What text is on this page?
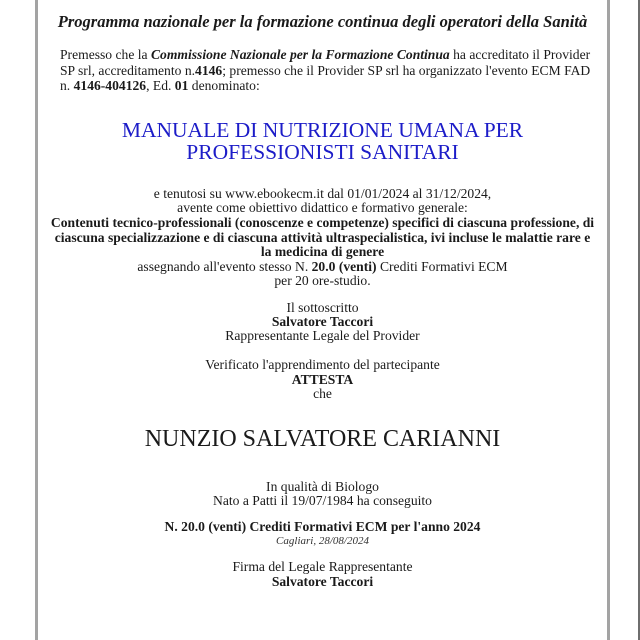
Programma nazionale per la formazione continua degli operatori della Sanità
Premesso che la Commissione Nazionale per la Formazione Continua ha accreditato il Provider
SP srl, accreditamento n.4146; premesso che il Provider SP srl ha organizzato l'evento ECM FAD
n. 4146-404126, Ed. 01 denominato:
MANUALE DI NUTRIZIONE UMANA PER
PROFESSIONISTI SANITARI
e tenutosi su www.ebookecm.it dal 01/01/2024 al 31/12/2024,
avente come obiettivo didattico e formativo generale:
Contenuti tecnico-professionali (conoscenze e competenze) specifici di ciascuna professione, di
ciascuna specializzazione e di ciascuna attività ultraspecialistica, ivi incluse le malattie rare e
la medicina di genere
assegnando all'evento stesso N. 20.0 (venti) Crediti Formativi ECM
per 20 ore-studio.
Il sottoscritto
Salvatore Taccori
Rappresentante Legale del Provider
Verificato l'apprendimento del partecipante
ATTESTA
che
NUNZIO SALVATORE CARIANNI
In qualità di Biologo
Nato a Patti il 19/07/1984 ha conseguito
N. 20.0 (venti) Crediti Formativi ECM per l'anno 2024
Cagliari, 28/08/2024
Firma del Legale Rappresentante
Salvatore Taccori
